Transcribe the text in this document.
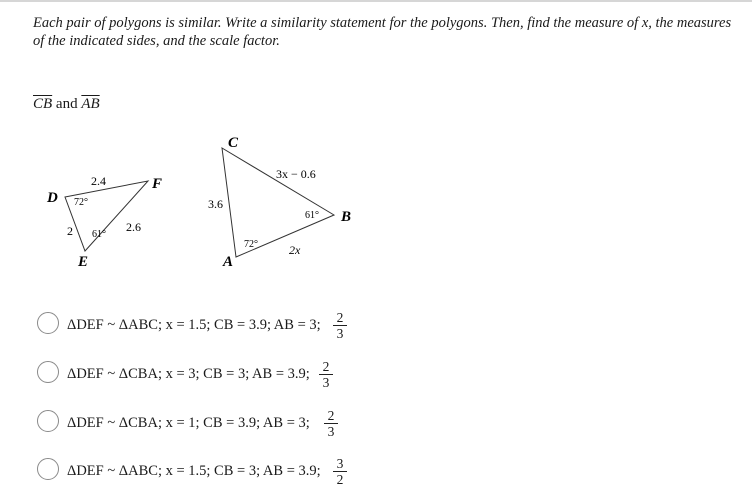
Each pair of polygons is similar. Write a similarity statement for the polygons. Then, find the measure of x, the measures of the indicated sides, and the scale factor.
$\overline{CB}$ and $\overline{AB}$
D
F
E
2.4
2	2.6
72°
61°
C
B
A
3.6
3x − 0.6
2x
72°
61°
ΔDEF ~ ΔABC; x = 1.5; CB = 3.9; AB = 3; $\frac{2}{3}$
ΔDEF ~ ΔCBA; x = 3; CB = 3; AB = 3.9; $\frac{2}{3}$
ΔDEF ~ ΔCBA; x = 1; CB = 3.9; AB = 3; $\frac{2}{3}$
ΔDEF ~ ΔABC; x = 1.5; CB = 3; AB = 3.9; $\frac{3}{2}$
